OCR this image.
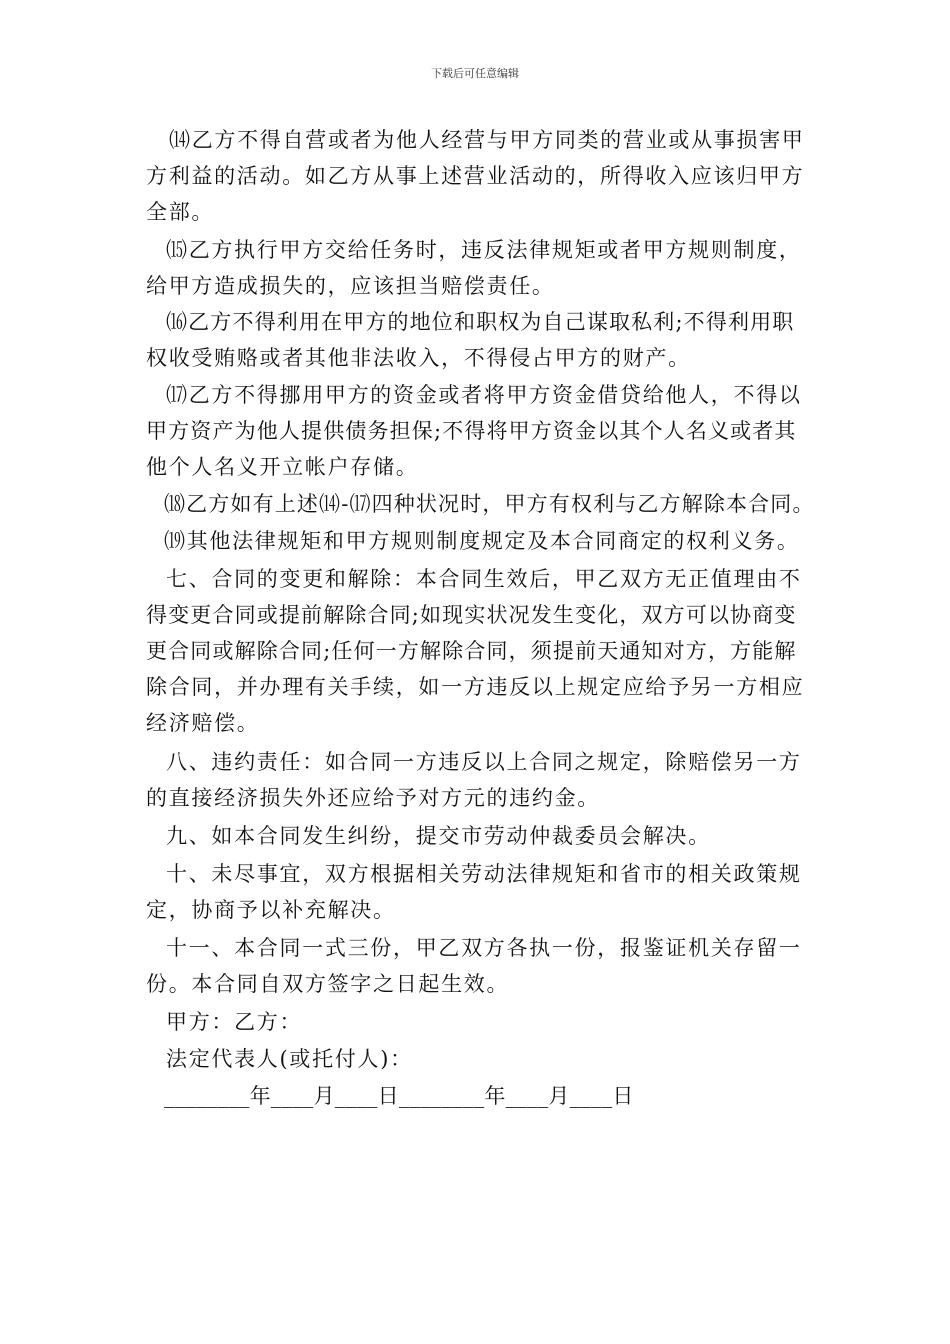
下载后可任意编辑
⒁乙方不得自营或者为他人经营与甲方同类的营业或从事损害甲
方利益的活动。如乙方从事上述营业活动的，所得收入应该归甲方
全部。
⒂乙方执行甲方交给任务时，违反法律规矩或者甲方规则制度，
给甲方造成损失的，应该担当赔偿责任。
⒃乙方不得利用在甲方的地位和职权为自己谋取私利;不得利用职
权收受贿赂或者其他非法收入，不得侵占甲方的财产。
⒄乙方不得挪用甲方的资金或者将甲方资金借贷给他人，不得以
甲方资产为他人提供债务担保;不得将甲方资金以其个人名义或者其
他个人名义开立帐户存储。
⒅乙方如有上述⒁-⒄四种状况时，甲方有权利与乙方解除本合同。
⒆其他法律规矩和甲方规则制度规定及本合同商定的权利义务。
七、合同的变更和解除：本合同生效后，甲乙双方无正值理由不
得变更合同或提前解除合同;如现实状况发生变化，双方可以协商变
更合同或解除合同;任何一方解除合同，须提前天通知对方，方能解
除合同，并办理有关手续，如一方违反以上规定应给予另一方相应
经济赔偿。
八、违约责任：如合同一方违反以上合同之规定，除赔偿另一方
的直接经济损失外还应给予对方元的违约金。
九、如本合同发生纠纷，提交市劳动仲裁委员会解决。
十、未尽事宜，双方根据相关劳动法律规矩和省市的相关政策规
定，协商予以补充解决。
十一、本合同一式三份，甲乙双方各执一份，报鉴证机关存留一
份。本合同自双方签字之日起生效。
甲方：乙方：
法定代表人(或托付人)：
________年____月____日________年____月____日
